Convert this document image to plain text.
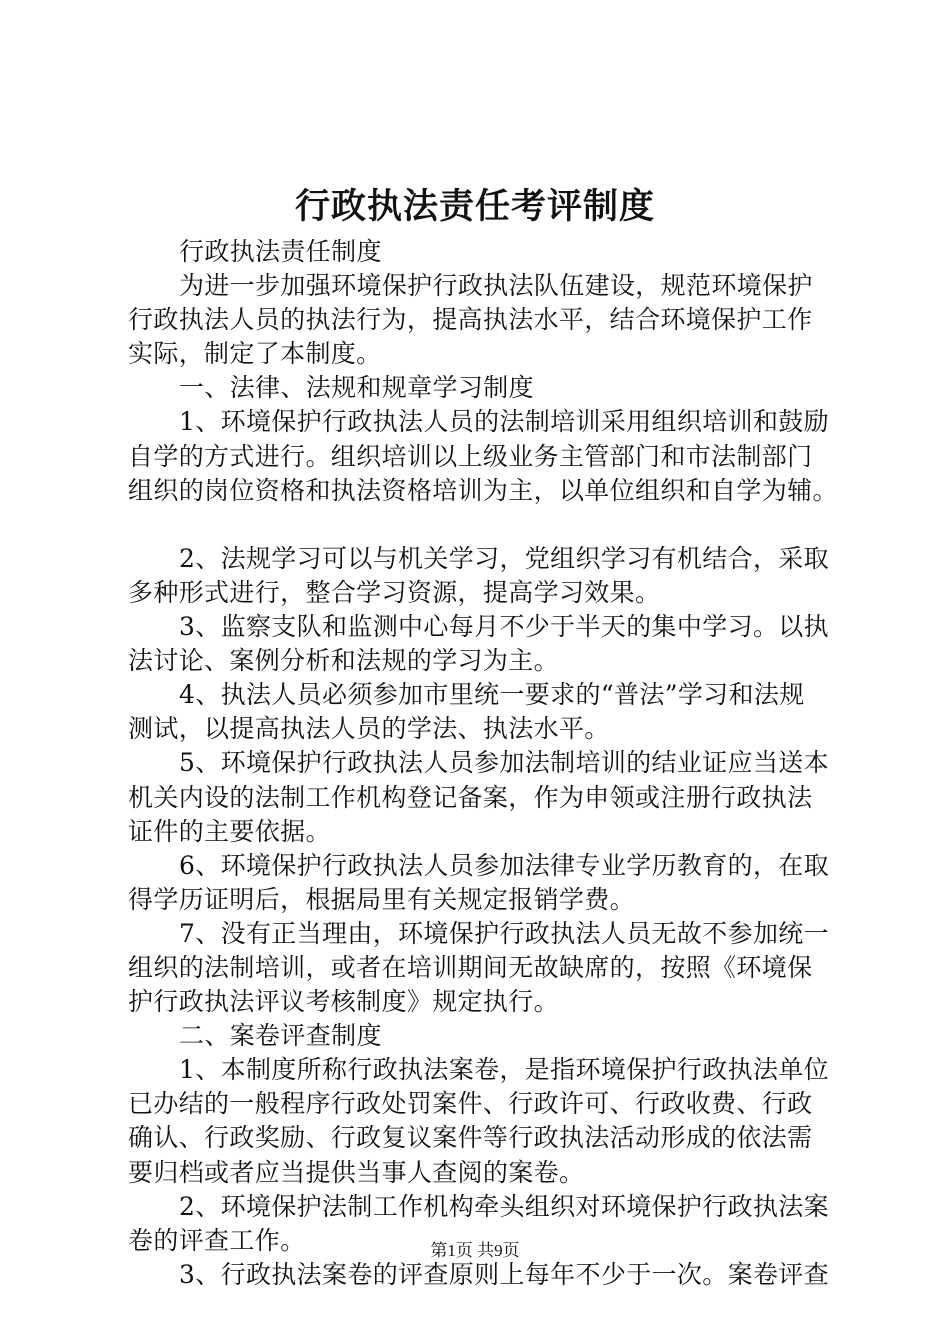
行政执法责任考评制度
行政执法责任制度
为进一步加强环境保护行政执法队伍建设，规范环境保护
行政执法人员的执法行为，提高执法水平，结合环境保护工作
实际，制定了本制度。
一、法律、法规和规章学习制度
1、环境保护行政执法人员的法制培训采用组织培训和鼓励
自学的方式进行。组织培训以上级业务主管部门和市法制部门
组织的岗位资格和执法资格培训为主，以单位组织和自学为辅。
2、法规学习可以与机关学习，党组织学习有机结合，采取
多种形式进行，整合学习资源，提高学习效果。
3、监察支队和监测中心每月不少于半天的集中学习。以执
法讨论、案例分析和法规的学习为主。
4、执法人员必须参加市里统一要求的“普法”学习和法规
测试，以提高执法人员的学法、执法水平。
5、环境保护行政执法人员参加法制培训的结业证应当送本
机关内设的法制工作机构登记备案，作为申领或注册行政执法
证件的主要依据。
6、环境保护行政执法人员参加法律专业学历教育的，在取
得学历证明后，根据局里有关规定报销学费。
7、没有正当理由，环境保护行政执法人员无故不参加统一
组织的法制培训，或者在培训期间无故缺席的，按照《环境保
护行政执法评议考核制度》规定执行。
二、案卷评查制度
1、本制度所称行政执法案卷，是指环境保护行政执法单位
已办结的一般程序行政处罚案件、行政许可、行政收费、行政
确认、行政奖励、行政复议案件等行政执法活动形成的依法需
要归档或者应当提供当事人查阅的案卷。
2、环境保护法制工作机构牵头组织对环境保护行政执法案
卷的评查工作。
3、行政执法案卷的评查原则上每年不少于一次。案卷评查
第1页 共9页
